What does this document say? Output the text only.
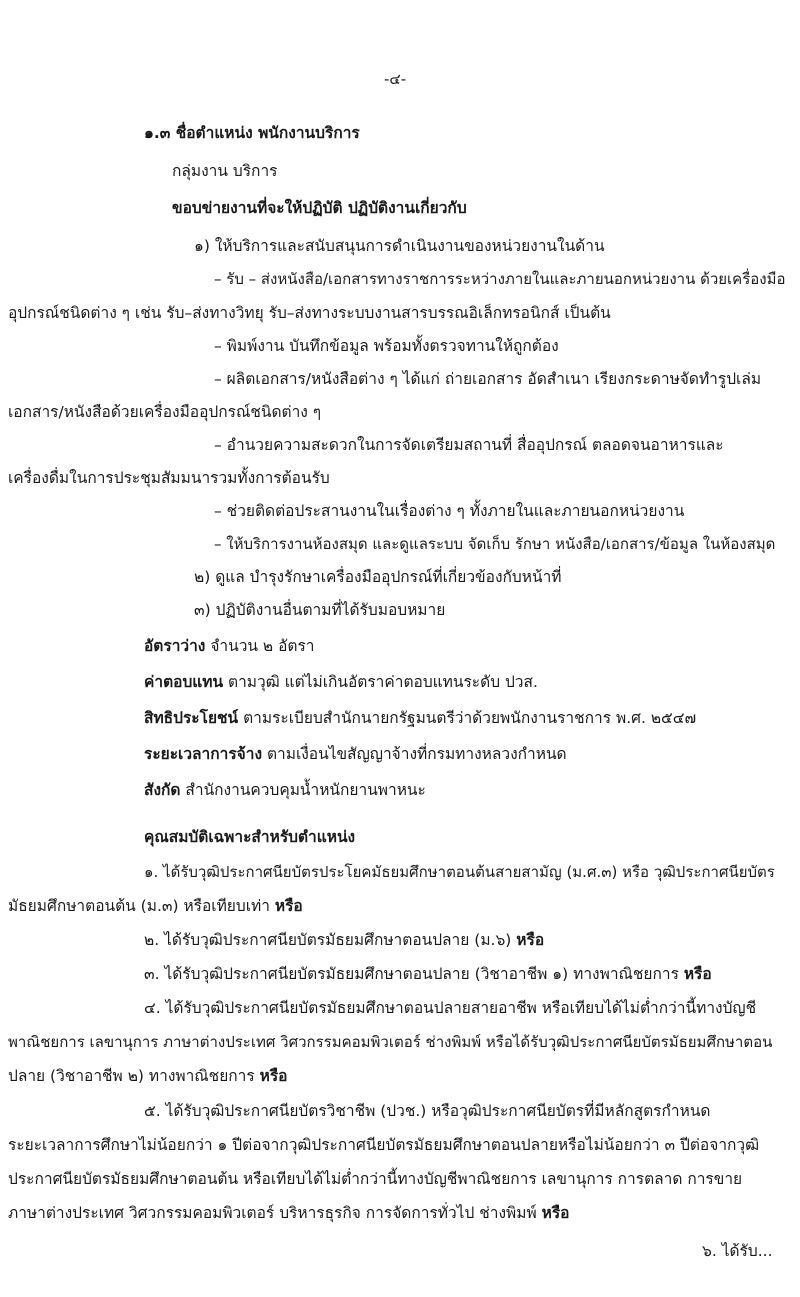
-๔-
๑.๓ ชื่อตำแหน่ง พนักงานบริการ
กลุ่มงาน บริการ
ขอบข่ายงานที่จะให้ปฏิบัติ ปฏิบัติงานเกี่ยวกับ
๑) ให้บริการและสนับสนุนการดำเนินงานของหน่วยงานในด้าน
– รับ – ส่งหนังสือ/เอกสารทางราชการระหว่างภายในและภายนอกหน่วยงาน ด้วยเครื่องมือ
อุปกรณ์ชนิดต่าง ๆ เช่น รับ–ส่งทางวิทยุ รับ–ส่งทางระบบงานสารบรรณอิเล็กทรอนิกส์ เป็นต้น
– พิมพ์งาน บันทึกข้อมูล พร้อมทั้งตรวจทานให้ถูกต้อง
– ผลิตเอกสาร/หนังสือต่าง ๆ ได้แก่ ถ่ายเอกสาร อัดสำเนา เรียงกระดาษจัดทำรูปเล่ม
เอกสาร/หนังสือด้วยเครื่องมืออุปกรณ์ชนิดต่าง ๆ
– อำนวยความสะดวกในการจัดเตรียมสถานที่ สื่ออุปกรณ์ ตลอดจนอาหารและ
เครื่องดื่มในการประชุมสัมมนารวมทั้งการต้อนรับ
– ช่วยติดต่อประสานงานในเรื่องต่าง ๆ ทั้งภายในและภายนอกหน่วยงาน
– ให้บริการงานห้องสมุด และดูแลระบบ จัดเก็บ รักษา หนังสือ/เอกสาร/ข้อมูล ในห้องสมุด
๒) ดูแล บำรุงรักษาเครื่องมืออุปกรณ์ที่เกี่ยวข้องกับหน้าที่
๓) ปฏิบัติงานอื่นตามที่ได้รับมอบหมาย
อัตราว่าง จำนวน ๒ อัตรา
ค่าตอบแทน ตามวุฒิ แต่ไม่เกินอัตราค่าตอบแทนระดับ ปวส.
สิทธิประโยชน์ ตามระเบียบสำนักนายกรัฐมนตรีว่าด้วยพนักงานราชการ พ.ศ. ๒๕๔๗
ระยะเวลาการจ้าง ตามเงื่อนไขสัญญาจ้างที่กรมทางหลวงกำหนด
สังกัด สำนักงานควบคุมน้ำหนักยานพาหนะ
คุณสมบัติเฉพาะสำหรับตำแหน่ง
๑. ได้รับวุฒิประกาศนียบัตรประโยคมัธยมศึกษาตอนต้นสายสามัญ (ม.ศ.๓) หรือ วุฒิประกาศนียบัตร
มัธยมศึกษาตอนต้น (ม.๓) หรือเทียบเท่า หรือ
๒. ได้รับวุฒิประกาศนียบัตรมัธยมศึกษาตอนปลาย (ม.๖) หรือ
๓. ได้รับวุฒิประกาศนียบัตรมัธยมศึกษาตอนปลาย (วิชาอาชีพ ๑) ทางพาณิชยการ หรือ
๔. ได้รับวุฒิประกาศนียบัตรมัธยมศึกษาตอนปลายสายอาชีพ หรือเทียบได้ไม่ต่ำกว่านี้ทางบัญชี
พาณิชยการ เลขานุการ ภาษาต่างประเทศ วิศวกรรมคอมพิวเตอร์ ช่างพิมพ์ หรือได้รับวุฒิประกาศนียบัตรมัธยมศึกษาตอน
ปลาย (วิชาอาชีพ ๒) ทางพาณิชยการ หรือ
๕. ได้รับวุฒิประกาศนียบัตรวิชาชีพ (ปวช.) หรือวุฒิประกาศนียบัตรที่มีหลักสูตรกำหนด
ระยะเวลาการศึกษาไม่น้อยกว่า ๑ ปีต่อจากวุฒิประกาศนียบัตรมัธยมศึกษาตอนปลายหรือไม่น้อยกว่า ๓ ปีต่อจากวุฒิ
ประกาศนียบัตรมัธยมศึกษาตอนต้น หรือเทียบได้ไม่ต่ำกว่านี้ทางบัญชีพาณิชยการ เลขานุการ การตลาด การขาย
ภาษาต่างประเทศ วิศวกรรมคอมพิวเตอร์ บริหารธุรกิจ การจัดการทั่วไป ช่างพิมพ์ หรือ
๖. ได้รับ...
